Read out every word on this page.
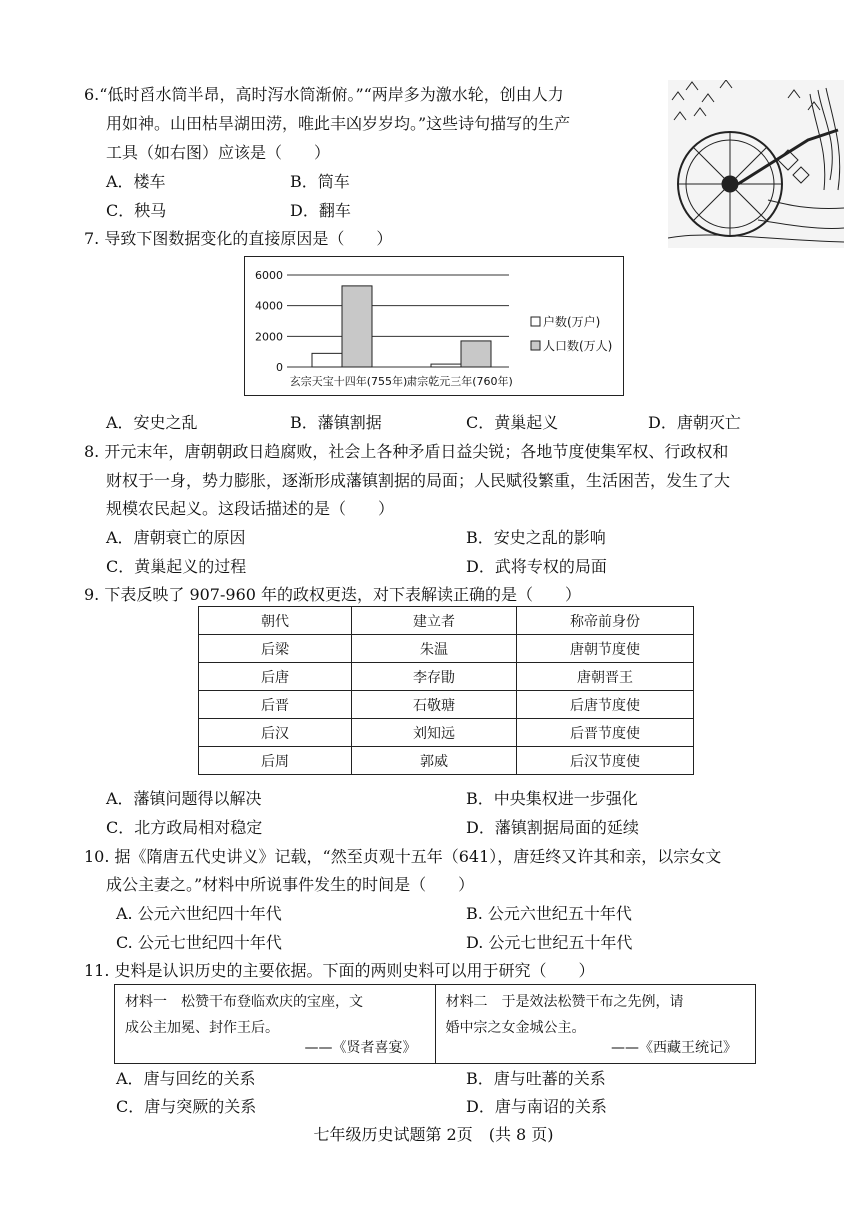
6.“低时舀水筒半昂，高时泻水筒渐俯。”“两岸多为激水轮，创由人力
用如神。山田枯旱湖田涝，唯此丰凶岁岁均。”这些诗句描写的生产
工具（如右图）应该是（　　）
A．楼车	B．筒车
C．秧马	D．翻车
7. 导致下图数据变化的直接原因是（　　）
0
2000
4000
6000
玄宗天宝十四年(755年)
肃宗乾元三年(760年)
户数(万户)
人口数(万人)
A．安史之乱	B．藩镇割据	C．黄巢起义	D．唐朝灭亡
8. 开元末年，唐朝朝政日趋腐败，社会上各种矛盾日益尖锐；各地节度使集军权、行政权和
财权于一身，势力膨胀，逐渐形成藩镇割据的局面；人民赋役繁重，生活困苦，发生了大
规模农民起义。这段话描述的是（　　）
A．唐朝衰亡的原因	B．安史之乱的影响
C．黄巢起义的过程	D．武将专权的局面
9. 下表反映了 907-960 年的政权更迭，对下表解读正确的是（　　）
朝代	建立者	称帝前身份
后梁	朱温	唐朝节度使
后唐	李存勖	唐朝晋王
后晋	石敬瑭	后唐节度使
后汉	刘知远	后晋节度使
后周	郭威	后汉节度使
A．藩镇问题得以解决	B．中央集权进一步强化
C．北方政局相对稳定	D．藩镇割据局面的延续
10. 据《隋唐五代史讲义》记载，“然至贞观十五年（641），唐廷终又许其和亲，以宗女文
成公主妻之。”材料中所说事件发生的时间是（　　）
A. 公元六世纪四十年代	B. 公元六世纪五十年代
C. 公元七世纪四十年代	D. 公元七世纪五十年代
11. 史料是认识历史的主要依据。下面的两则史料可以用于研究（　　）
材料一　松赞干布登临欢庆的宝座，文
成公主加冕、封作王后。
——《贤者喜宴》
材料二　于是效法松赞干布之先例，请
婚中宗之女金城公主。
——《西藏王统记》
A．唐与回纥的关系	B．唐与吐蕃的关系
C．唐与突厥的关系	D．唐与南诏的关系
七年级历史试题第 2页　(共 8 页)
